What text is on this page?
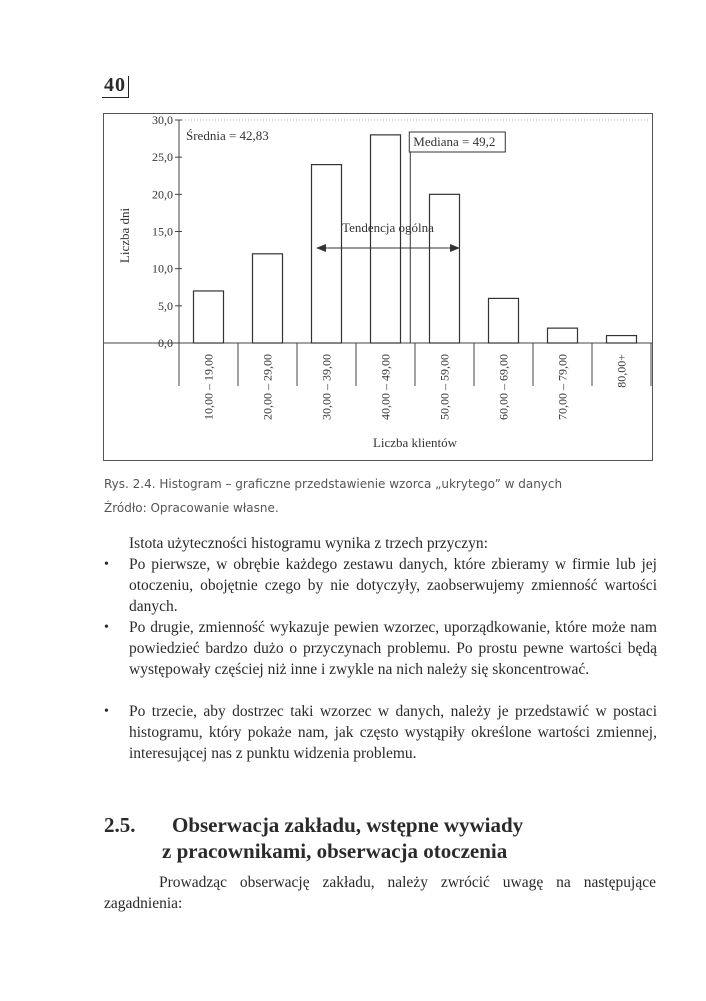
40
0,0
5,0
10,0
15,0
20,0
25,0
30,0
Liczba dni
10,00 – 19,00	20,00 – 29,00	30,00 – 39,00	40,00 – 49,00	50,00 – 59,00	60,00 – 69,00	70,00 – 79,00	80,00+
Liczba klientów
Średnia = 42,83	Mediana = 49,2
Tendencja ogólna
Rys. 2.4. Histogram – graficzne przedstawienie wzorca „ukrytego” w danych
Źródło: Opracowanie własne.
Istota użyteczności histogramu wynika z trzech przyczyn:
• Po pierwsze, w obrębie każdego zestawu danych, które zbieramy w firmie lub jej otoczeniu, obojętnie czego by nie dotyczyły, zaobserwujemy zmienność wartości danych.
• Po drugie, zmienność wykazuje pewien wzorzec, uporządkowanie, które może nam powiedzieć bardzo dużo o przyczynach problemu. Po prostu pewne wartości będą występowały częściej niż inne i zwykle na nich należy się skoncentrować.
• Po trzecie, aby dostrzec taki wzorzec w danych, należy je przedstawić w postaci histogramu, który pokaże nam, jak często wystąpiły określone wartości zmiennej, interesującej nas z punktu widzenia problemu.
2.5. Obserwacja zakładu, wstępne wywiady
z pracownikami, obserwacja otoczenia
Prowadząc obserwację zakładu, należy zwrócić uwagę na następujące zagadnienia:
